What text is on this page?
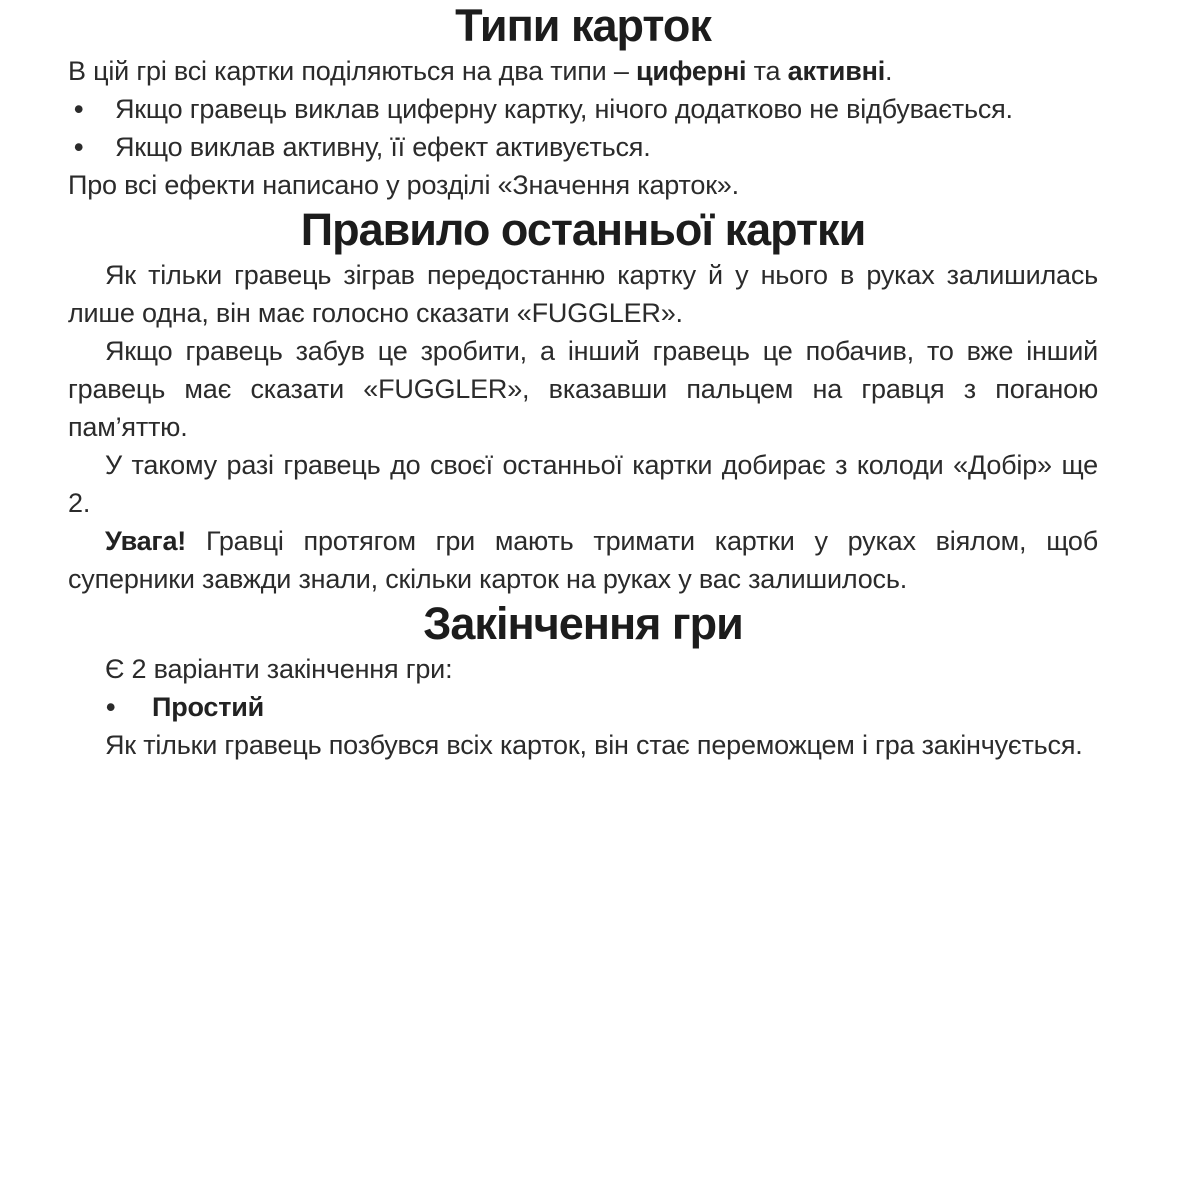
Типи карток

В цій грі всі картки поділяються на два типи – циферні та активні.

• Якщо гравець виклав циферну картку, нічого додатково не відбувається.
• Якщо виклав активну, її ефект активується.

Про всі ефекти написано у розділі «Значення карток».

Правило останньої картки

Як тільки гравець зіграв передостанню картку й у нього в руках залишилась лише одна, він має голосно сказати «FUGGLER».

Якщо гравець забув це зробити, а інший гравець це побачив, то вже інший гравець має сказати «FUGGLER», вказавши пальцем на гравця з поганою пам’яттю.

У такому разі гравець до своєї останньої картки добирає з колоди «Добір» ще 2.

Увага! Гравці протягом гри мають тримати картки у руках віялом, щоб суперники завжди знали, скільки карток на руках у вас залишилось.

Закінчення гри

Є 2 варіанти закінчення гри:

• Простий

Як тільки гравець позбувся всіх карток, він стає переможцем і гра закінчується.
